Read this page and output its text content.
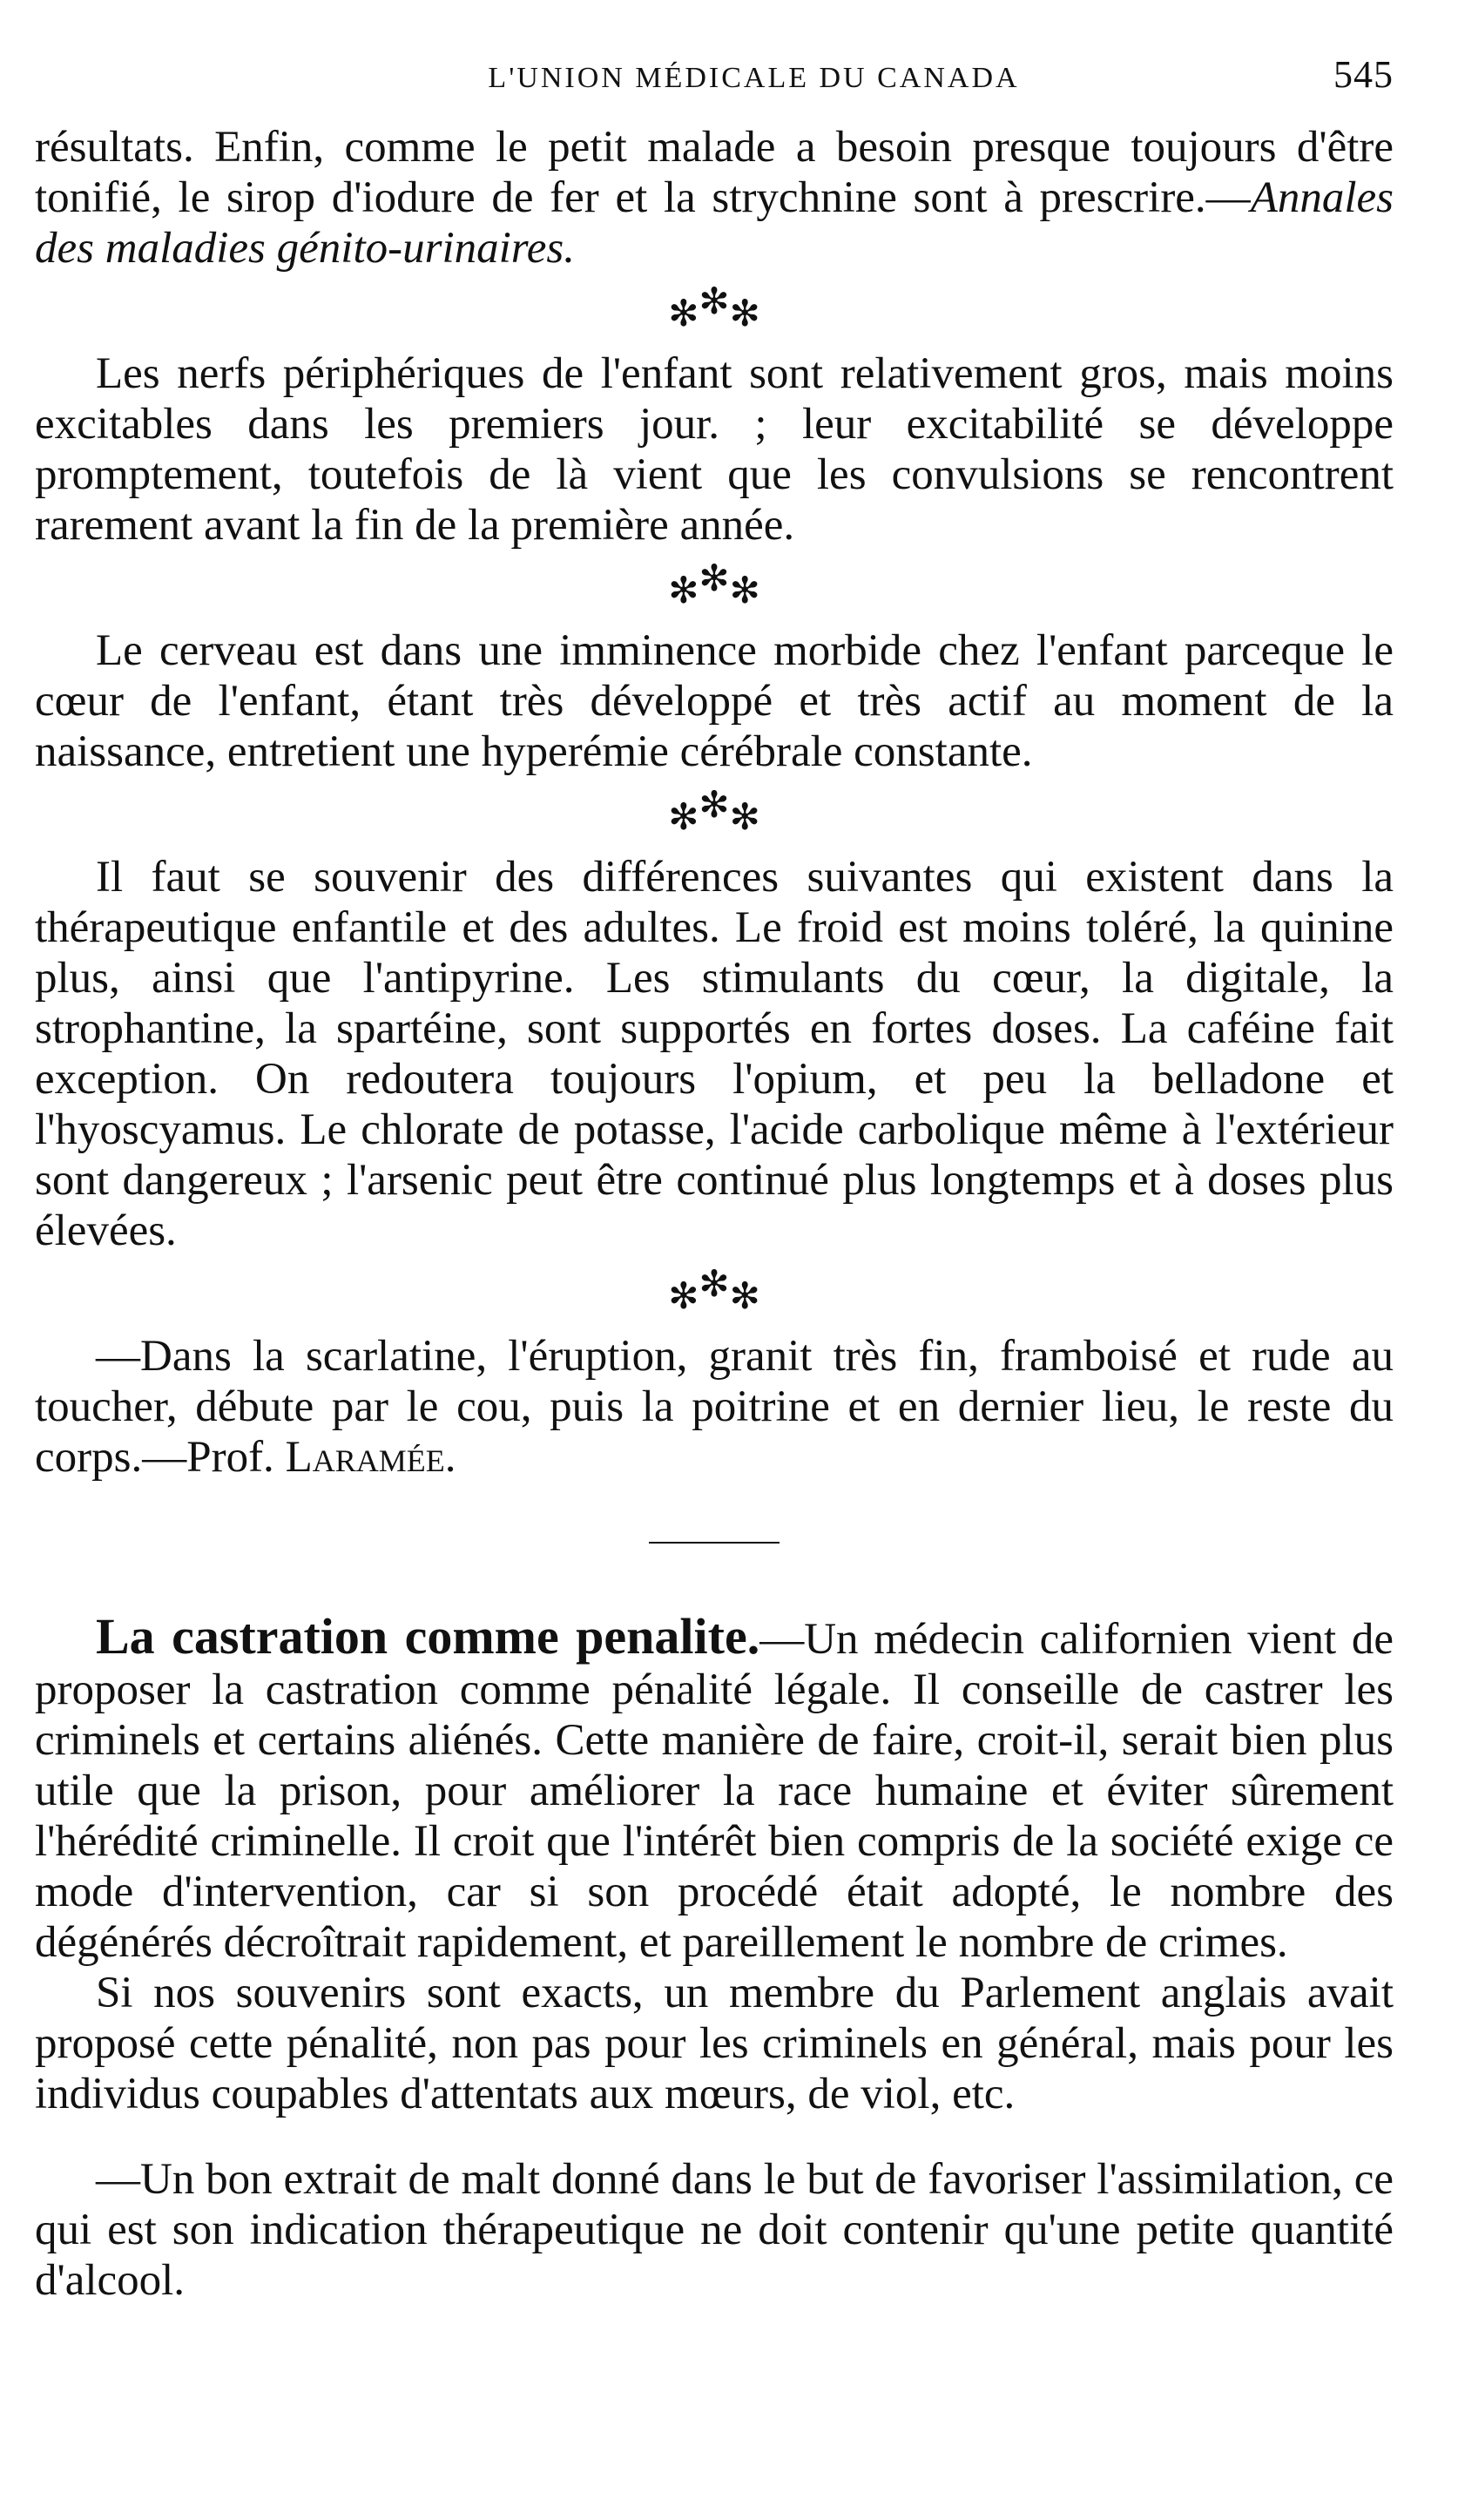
L'UNION MÉDICALE DU CANADA	545

résultats. Enfin, comme le petit malade a besoin presque toujours d'être tonifié, le sirop d'iodure de fer et la strychnine sont à prescrire.—Annales des maladies génito-urinaires.

✻✻✻

Les nerfs périphériques de l'enfant sont relativement gros, mais moins excitables dans les premiers jour. ; leur excitabilité se développe promptement, toutefois de là vient que les convulsions se rencontrent rarement avant la fin de la première année.

✻✻✻

Le cerveau est dans une imminence morbide chez l'enfant parceque le cœur de l'enfant, étant très développé et très actif au moment de la naissance, entretient une hyperémie cérébrale constante.

✻✻✻

Il faut se souvenir des différences suivantes qui existent dans la thérapeutique enfantile et des adultes. Le froid est moins toléré, la quinine plus, ainsi que l'antipyrine. Les stimulants du cœur, la digitale, la strophantine, la spartéine, sont supportés en fortes doses. La caféine fait exception. On redoutera toujours l'opium, et peu la belladone et l'hyoscyamus. Le chlorate de potasse, l'acide carbolique même à l'extérieur sont dangereux ; l'arsenic peut être continué plus longtemps et à doses plus élevées.

✻✻✻

—Dans la scarlatine, l'éruption, granit très fin, framboisé et rude au toucher, débute par le cou, puis la poitrine et en dernier lieu, le reste du corps.—Prof. Laramée.

La castration comme penalite.—Un médecin californien vient de proposer la castration comme pénalité légale. Il conseille de castrer les criminels et certains aliénés. Cette manière de faire, croit-il, serait bien plus utile que la prison, pour améliorer la race humaine et éviter sûrement l'hérédité criminelle. Il croit que l'intérêt bien compris de la société exige ce mode d'intervention, car si son procédé était adopté, le nombre des dégénérés décroîtrait rapidement, et pareillement le nombre de crimes.

Si nos souvenirs sont exacts, un membre du Parlement anglais avait proposé cette pénalité, non pas pour les criminels en général, mais pour les individus coupables d'attentats aux mœurs, de viol, etc.

—Un bon extrait de malt donné dans le but de favoriser l'assimilation, ce qui est son indication thérapeutique ne doit contenir qu'une petite quantité d'alcool.
